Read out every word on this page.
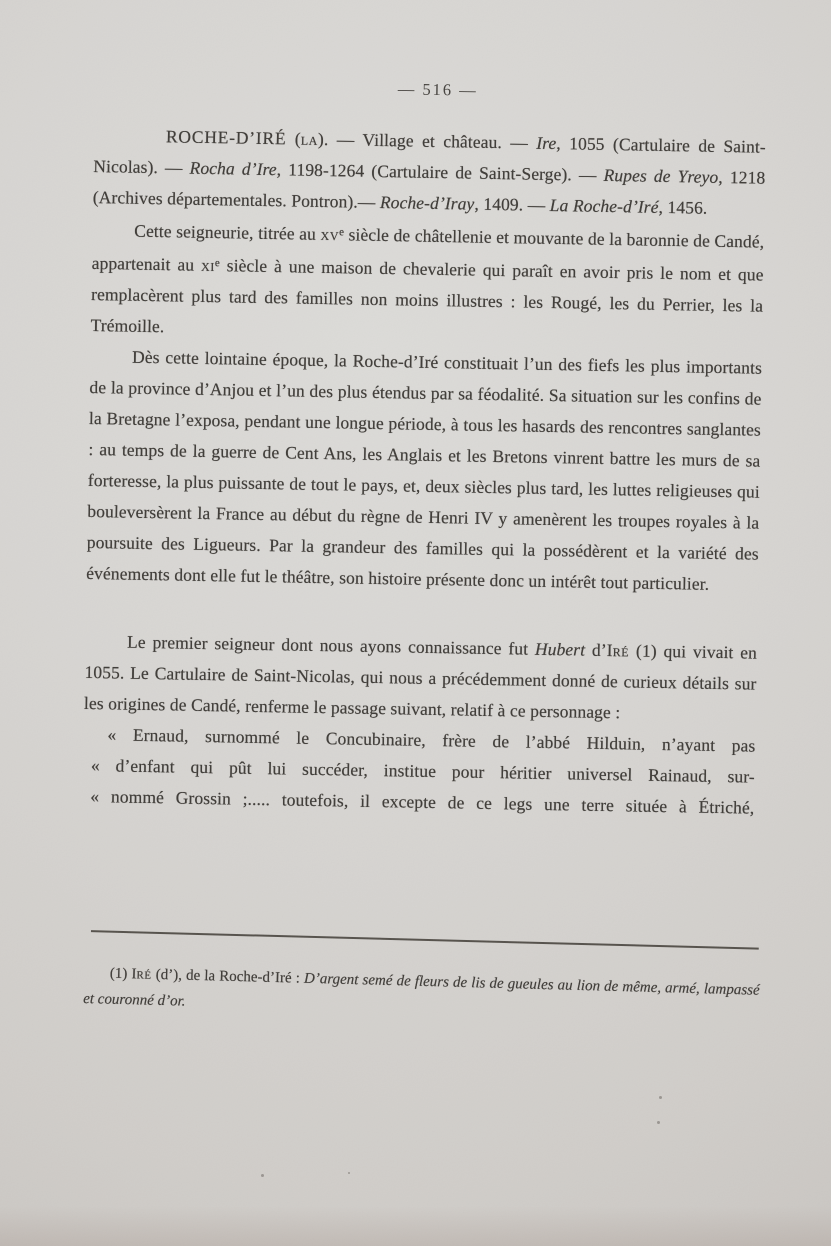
— 516 —

ROCHE-D’IRÉ (la). — Village et château. — Ire, 1055 (Cartulaire de Saint-Nicolas). — Rocha d’Ire, 1198-1264 (Cartulaire de Saint-Serge). — Rupes de Yreyo, 1218 (Archives départementales. Pontron).— Roche-d’Iray, 1409. — La Roche-d’Iré, 1456.

Cette seigneurie, titrée au $xv^e$ siècle de châtellenie et mouvante de la baronnie de Candé, appartenait au $xi^e$ siècle à une maison de chevalerie qui paraît en avoir pris le nom et que remplacèrent plus tard des familles non moins illustres : les Rougé, les du Perrier, les la Trémoille.

Dès cette lointaine époque, la Roche-d’Iré constituait l’un des fiefs les plus importants de la province d’Anjou et l’un des plus étendus par sa féodalité. Sa situation sur les confins de la Bretagne l’exposa, pendant une longue période, à tous les hasards des rencontres sanglantes : au temps de la guerre de Cent Ans, les Anglais et les Bretons vinrent battre les murs de sa forteresse, la plus puissante de tout le pays, et, deux siècles plus tard, les luttes religieuses qui bouleversèrent la France au début du règne de Henri IV y amenèrent les troupes royales à la poursuite des Ligueurs. Par la grandeur des familles qui la possédèrent et la variété des événements dont elle fut le théâtre, son histoire présente donc un intérêt tout particulier.

Le premier seigneur dont nous ayons connaissance fut Hubert d’Iré (1) qui vivait en 1055. Le Cartulaire de Saint-Nicolas, qui nous a précédemment donné de curieux détails sur les origines de Candé, renferme le passage suivant, relatif à ce personnage :

« Ernaud, surnommé le Concubinaire, frère de l’abbé Hilduin, n’ayant pas

« d’enfant qui pût lui succéder, institue pour héritier universel Rainaud, sur-

« nommé Grossin ;..... toutefois, il excepte de ce legs une terre située à Étriché,

(1) Iré (d’), de la Roche-d’Iré : D’argent semé de fleurs de lis de gueules au lion de même, armé, lampassé et couronné d’or.
